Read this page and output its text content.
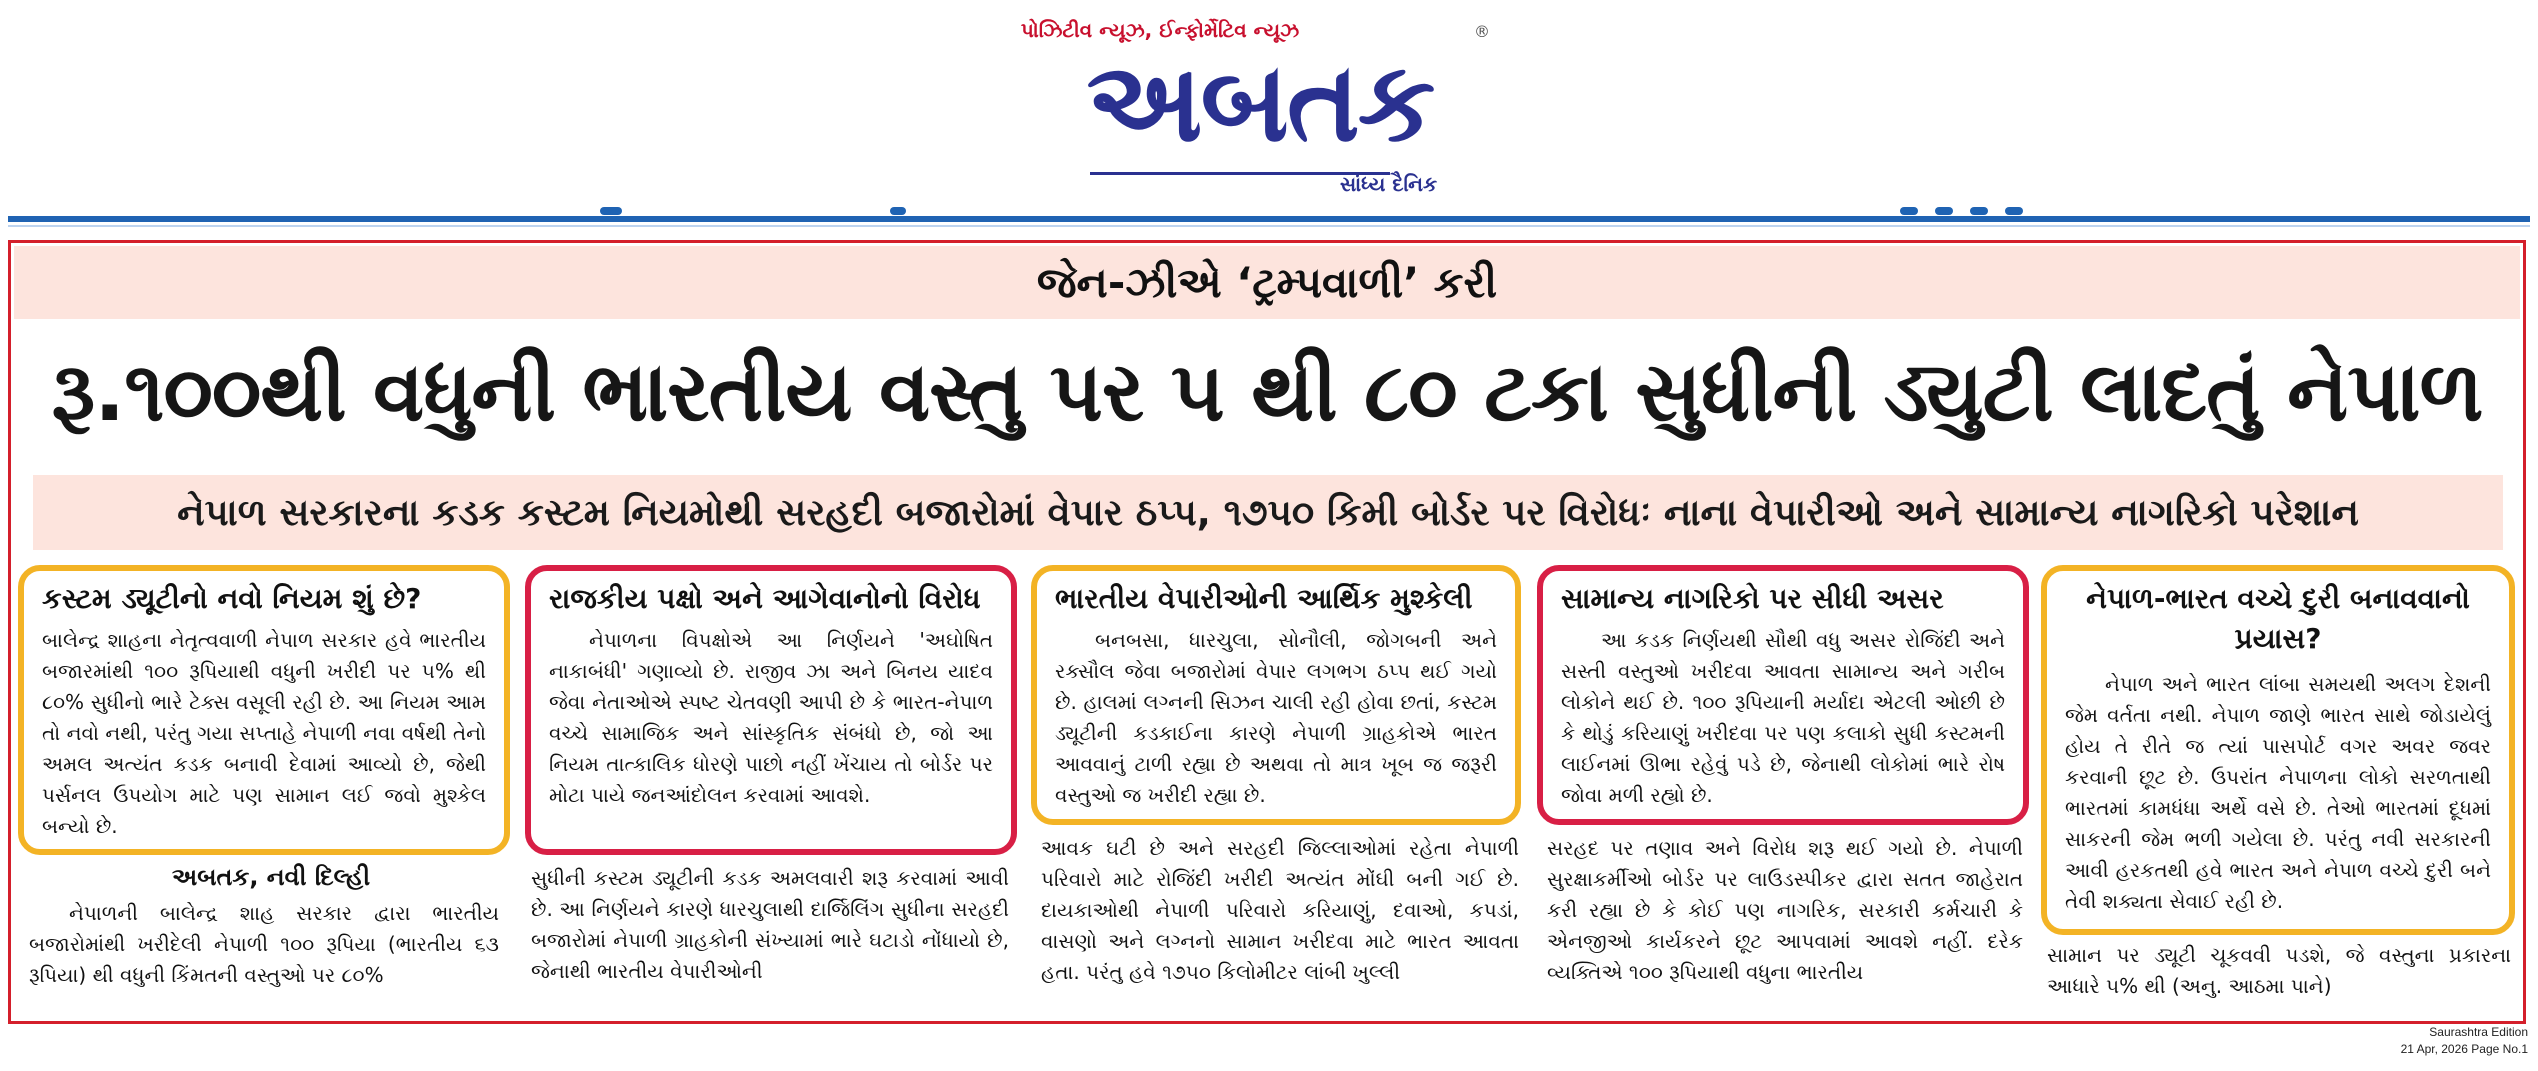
પોઝિટીવ ન્યૂઝ, ઈન્ફોર્મેટિવ ન્યૂઝ
અબતક
®
સાંધ્ય દૈનિક
જેન-ઝીએ ‘ટ્રમ્પવાળી’ કરી
રૂ.૧૦૦થી વધુની ભારતીય વસ્તુ પર ૫ થી ૮૦ ટકા સુધીની ડ્યુટી લાદતું નેપાળ
નેપાળ સરકારના કડક કસ્ટમ નિયમોથી સરહદી બજારોમાં વેપાર ઠપ્પ, ૧૭૫૦ કિમી બોર્ડર પર વિરોધઃ નાના વેપારીઓ અને સામાન્ય નાગરિકો પરેશાન
કસ્ટમ ડ્યૂટીનો નવો નિયમ શું છે?
બાલેન્દ્ર શાહના નેતૃત્વવાળી નેપાળ સરકાર હવે ભારતીય બજારમાંથી ૧૦૦ રૂપિયાથી વધુની ખરીદી પર ૫% થી ૮૦% સુધીનો ભારે ટેક્સ વસૂલી રહી છે. આ નિયમ આમ તો નવો નથી, પરંતુ ગયા સપ્તાહે નેપાળી નવા વર્ષથી તેનો અમલ અત્યંત કડક બનાવી દેવામાં આવ્યો છે, જેથી પર્સનલ ઉપયોગ માટે પણ સામાન લઈ જવો મુશ્કેલ બન્યો છે.
અબતક, નવી દિલ્હી
નેપાળની બાલેન્દ્ર શાહ સરકાર દ્વારા ભારતીય બજારોમાંથી ખરીદેલી નેપાળી ૧૦૦ રૂપિયા (ભારતીય ૬૩ રૂપિયા) થી વધુની કિંમતની વસ્તુઓ પર ૮૦%
રાજકીય પક્ષો અને આગેવાનોનો વિરોધ
નેપાળના વિપક્ષોએ આ નિર્ણયને 'અઘોષિત નાકાબંધી' ગણાવ્યો છે. રાજીવ ઝા અને બિનય યાદવ જેવા નેતાઓએ સ્પષ્ટ ચેતવણી આપી છે કે ભારત-નેપાળ વચ્ચે સામાજિક અને સાંસ્કૃતિક સંબંધો છે, જો આ નિયમ તાત્કાલિક ધોરણે પાછો નહીં ખેંચાય તો બોર્ડર પર મોટા પાયે જનઆંદોલન કરવામાં આવશે.
સુધીની કસ્ટમ ડ્યૂટીની કડક અમલવારી શરૂ કરવામાં આવી છે. આ નિર્ણયને કારણે ધારચુલાથી દાર્જિલિંગ સુધીના સરહદી બજારોમાં નેપાળી ગ્રાહકોની સંખ્યામાં ભારે ઘટાડો નોંધાયો છે, જેનાથી ભારતીય વેપારીઓની
ભારતીય વેપારીઓની આર્થિક મુશ્કેલી
બનબસા, ધારચુલા, સોનૌલી, જોગબની અને રક્સૌલ જેવા બજારોમાં વેપાર લગભગ ઠપ્પ થઈ ગયો છે. હાલમાં લગ્નની સિઝન ચાલી રહી હોવા છતાં, કસ્ટમ ડ્યૂટીની કડકાઈના કારણે નેપાળી ગ્રાહકોએ ભારત આવવાનું ટાળી રહ્યા છે અથવા તો માત્ર ખૂબ જ જરૂરી વસ્તુઓ જ ખરીદી રહ્યા છે.
આવક ઘટી છે અને સરહદી જિલ્લાઓમાં રહેતા નેપાળી પરિવારો માટે રોજિંદી ખરીદી અત્યંત મોંઘી બની ગઈ છે. દાયકાઓથી નેપાળી પરિવારો કરિયાણું, દવાઓ, કપડાં, વાસણો અને લગ્નનો સામાન ખરીદવા માટે ભારત આવતા હતા. પરંતુ હવે ૧૭૫૦ કિલોમીટર લાંબી ખુલ્લી
સામાન્ય નાગરિકો પર સીધી અસર
આ કડક નિર્ણયથી સૌથી વધુ અસર રોજિંદી અને સસ્તી વસ્તુઓ ખરીદવા આવતા સામાન્ય અને ગરીબ લોકોને થઈ છે. ૧૦૦ રૂપિયાની મર્યાદા એટલી ઓછી છે કે થોડું કરિયાણું ખરીદવા પર પણ કલાકો સુધી કસ્ટમની લાઈનમાં ઊભા રહેવું પડે છે, જેનાથી લોકોમાં ભારે રોષ જોવા મળી રહ્યો છે.
સરહદ પર તણાવ અને વિરોધ શરૂ થઈ ગયો છે. નેપાળી સુરક્ષાકર્મીઓ બોર્ડર પર લાઉડસ્પીકર દ્વારા સતત જાહેરાત કરી રહ્યા છે કે કોઈ પણ નાગરિક, સરકારી કર્મચારી કે એનજીઓ કાર્યકરને છૂટ આપવામાં આવશે નહીં. દરેક વ્યક્તિએ ૧૦૦ રૂપિયાથી વધુના ભારતીય
નેપાળ-ભારત વચ્ચે દુરી બનાવવાનો પ્રયાસ?
નેપાળ અને ભારત લાંબા સમયથી અલગ દેશની જેમ વર્તતા નથી. નેપાળ જાણે ભારત સાથે જોડાયેલું હોય તે રીતે જ ત્યાં પાસપોર્ટ વગર અવર જવર કરવાની છૂટ છે. ઉપરાંત નેપાળના લોકો સરળતાથી ભારતમાં કામધંધા અર્થે વસે છે. તેઓ ભારતમાં દૂધમાં સાકરની જેમ ભળી ગયેલા છે. પરંતુ નવી સરકારની આવી હરકતથી હવે ભારત અને નેપાળ વચ્ચે દુરી બને તેવી શક્યતા સેવાઈ રહી છે.
સામાન પર ડ્યૂટી ચૂકવવી પડશે, જે વસ્તુના પ્રકારના આધારે ૫% થી (અનુ. આઠમા પાને)
Saurashtra Edition
21 Apr, 2026 Page No.1
